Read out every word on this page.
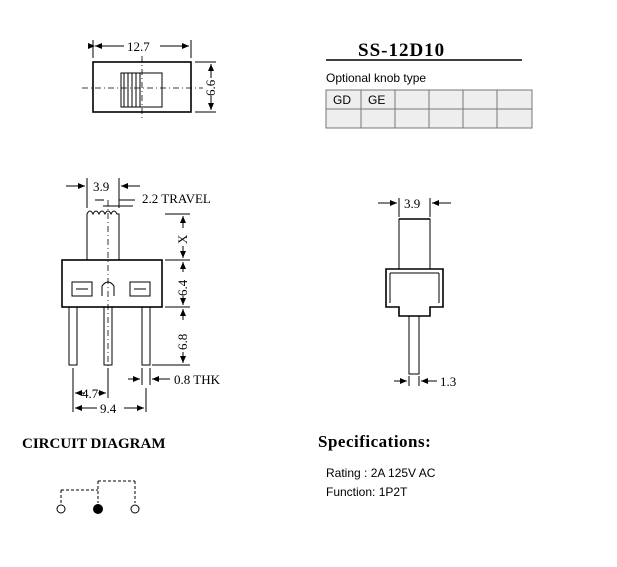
12.7
6.6
SS-12D10
Optional knob type
GD GE
3.9
2.2 TRAVEL
X
6.4
6.8
0.8 THK
4.7
9.4
3.9
1.3
CIRCUIT DIAGRAM	Specifications:
Rating : 2A 125V AC
Function: 1P2T
